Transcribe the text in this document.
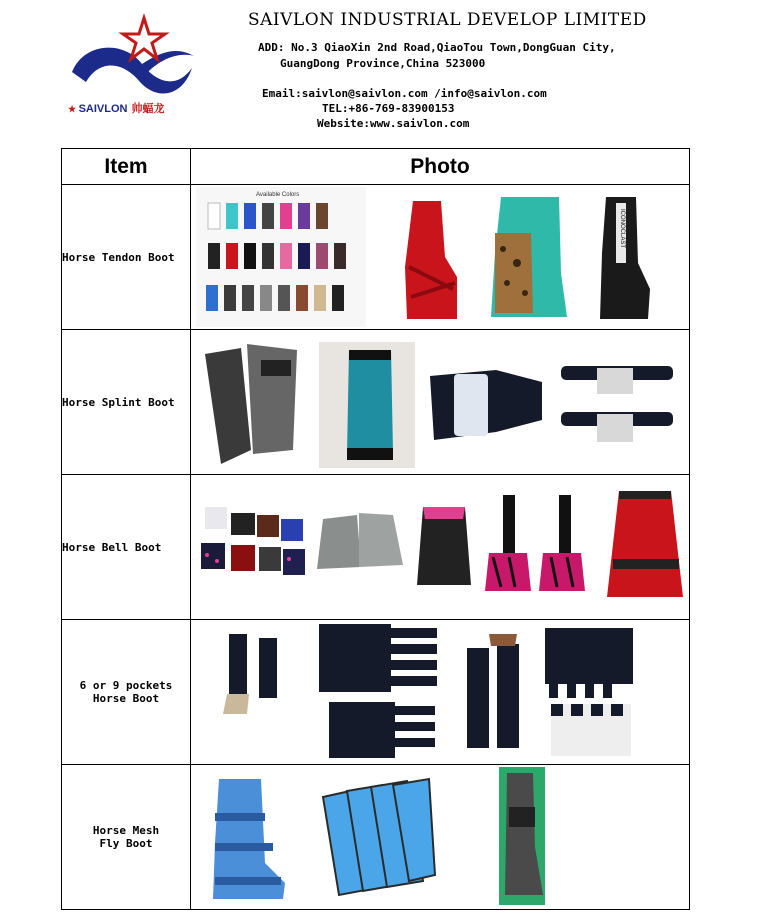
★ SAIVLON 帅蝠龙
SAIVLON INDUSTRIAL DEVELOP LIMITED
ADD: No.3 QiaoXin 2nd Road,QiaoTou Town,DongGuan City,
GuangDong Province,China 523000
Email:saivlon@saivlon.com /info@saivlon.com
TEL:+86-769-83900153
Website:www.saivlon.com
Item	Photo
Horse Tendon Boot	Available Colors
ICONOCLAST

Horse Splint Boot	

Horse Bell Boot	

6 or 9 pockets
Horse Boot	

Horse Mesh
Fly Boot	
